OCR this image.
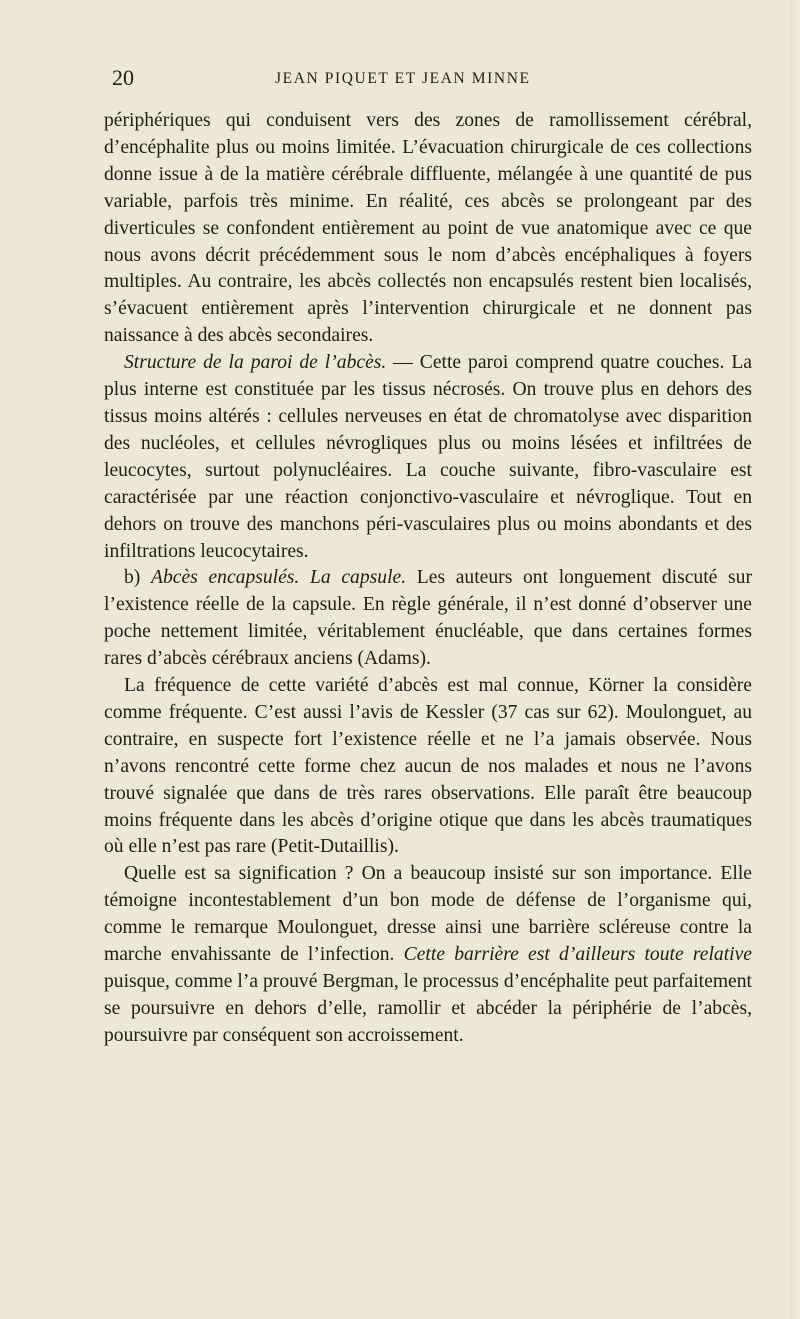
20	JEAN PIQUET ET JEAN MINNE

périphériques qui conduisent vers des zones de ramollissement cérébral, d’encéphalite plus ou moins limitée. L’évacuation chirurgicale de ces collections donne issue à de la matière cérébrale diffluente, mélangée à une quantité de pus variable, parfois très minime. En réalité, ces abcès se prolongeant par des diverticules se confondent entièrement au point de vue anatomique avec ce que nous avons décrit précédemment sous le nom d’abcès encéphaliques à foyers multiples. Au contraire, les abcès collectés non encapsulés restent bien localisés, s’évacuent entièrement après l’intervention chirurgicale et ne donnent pas naissance à des abcès secondaires.

Structure de la paroi de l’abcès. — Cette paroi comprend quatre couches. La plus interne est constituée par les tissus nécrosés. On trouve plus en dehors des tissus moins altérés : cellules nerveuses en état de chromatolyse avec disparition des nucléoles, et cellules névrogliques plus ou moins lésées et infiltrées de leucocytes, surtout polynucléaires. La couche suivante, fibro-vasculaire est caractérisée par une réaction conjonctivo-vasculaire et névroglique. Tout en dehors on trouve des manchons péri-vasculaires plus ou moins abondants et des infiltrations leucocytaires.

b) Abcès encapsulés. La capsule. Les auteurs ont longuement discuté sur l’existence réelle de la capsule. En règle générale, il n’est donné d’observer une poche nettement limitée, véritablement énucléable, que dans certaines formes rares d’abcès cérébraux anciens (Adams).

La fréquence de cette variété d’abcès est mal connue, Körner la considère comme fréquente. C’est aussi l’avis de Kessler (37 cas sur 62). Moulonguet, au contraire, en suspecte fort l’existence réelle et ne l’a jamais observée. Nous n’avons rencontré cette forme chez aucun de nos malades et nous ne l’avons trouvé signalée que dans de très rares observations. Elle paraît être beaucoup moins fréquente dans les abcès d’origine otique que dans les abcès traumatiques où elle n’est pas rare (Petit-Dutaillis).

Quelle est sa signification ? On a beaucoup insisté sur son importance. Elle témoigne incontestablement d’un bon mode de défense de l’organisme qui, comme le remarque Moulonguet, dresse ainsi une barrière scléreuse contre la marche envahissante de l’infection. Cette barrière est d’ailleurs toute relative puisque, comme l’a prouvé Bergman, le processus d’encéphalite peut parfaitement se poursuivre en dehors d’elle, ramollir et abcéder la périphérie de l’abcès, poursuivre par conséquent son accroissement.
